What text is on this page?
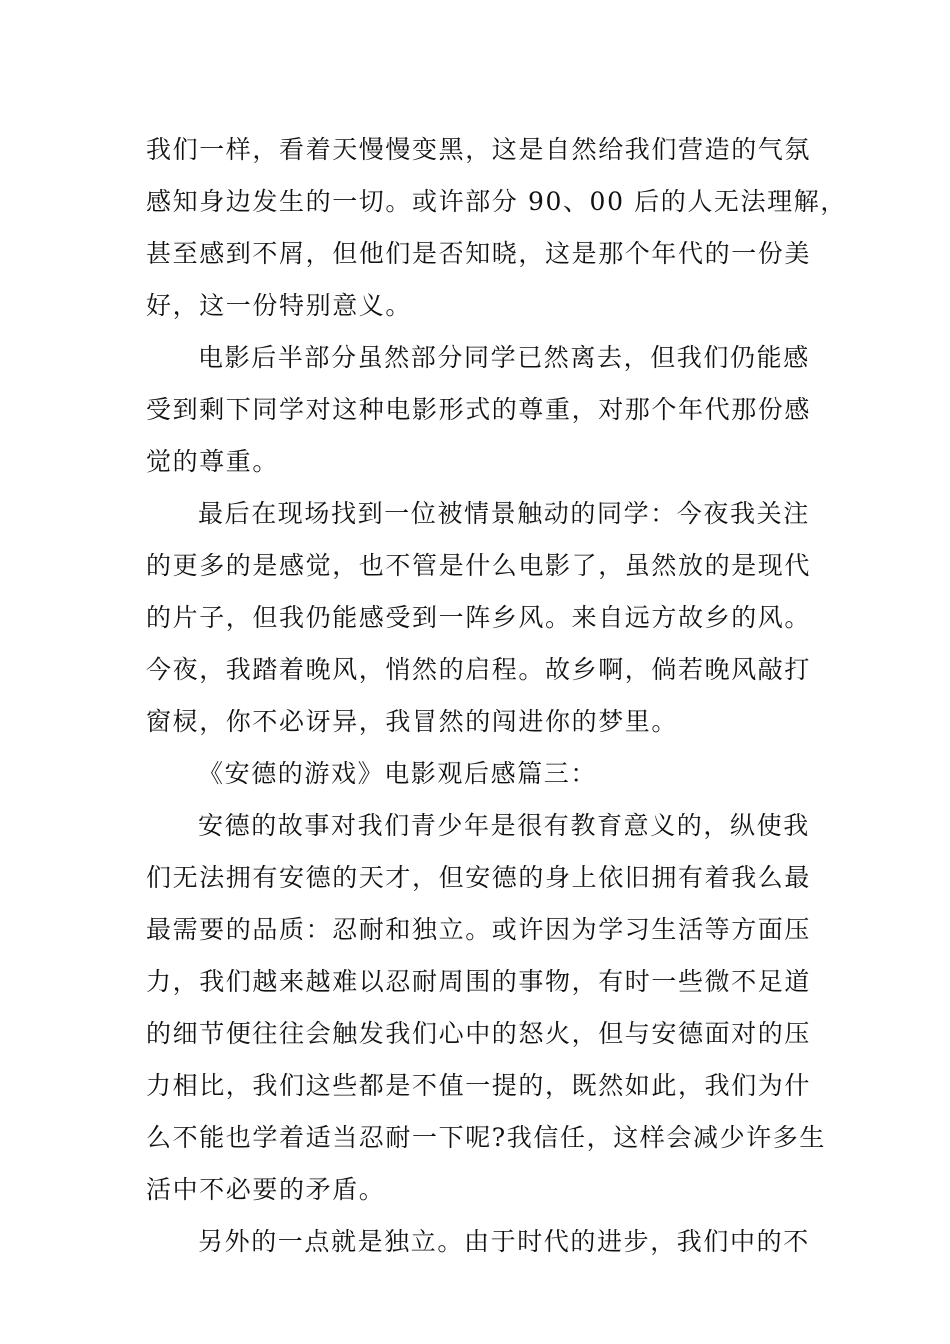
我们一样，看着天慢慢变黑，这是自然给我们营造的气氛
感知身边发生的一切。或许部分 90、00 后的人无法理解，
甚至感到不屑，但他们是否知晓，这是那个年代的一份美
好，这一份特别意义。
电影后半部分虽然部分同学已然离去，但我们仍能感
受到剩下同学对这种电影形式的尊重，对那个年代那份感
觉的尊重。
最后在现场找到一位被情景触动的同学：今夜我关注
的更多的是感觉，也不管是什么电影了，虽然放的是现代
的片子，但我仍能感受到一阵乡风。来自远方故乡的风。
今夜，我踏着晚风，悄然的启程。故乡啊，倘若晚风敲打
窗棂，你不必讶异，我冒然的闯进你的梦里。
《安德的游戏》电影观后感篇三：
安德的故事对我们青少年是很有教育意义的，纵使我
们无法拥有安德的天才，但安德的身上依旧拥有着我么最
最需要的品质：忍耐和独立。或许因为学习生活等方面压
力，我们越来越难以忍耐周围的事物，有时一些微不足道
的细节便往往会触发我们心中的怒火，但与安德面对的压
力相比，我们这些都是不值一提的，既然如此，我们为什
么不能也学着适当忍耐一下呢?我信任，这样会减少许多生
活中不必要的矛盾。
另外的一点就是独立。由于时代的进步，我们中的不
